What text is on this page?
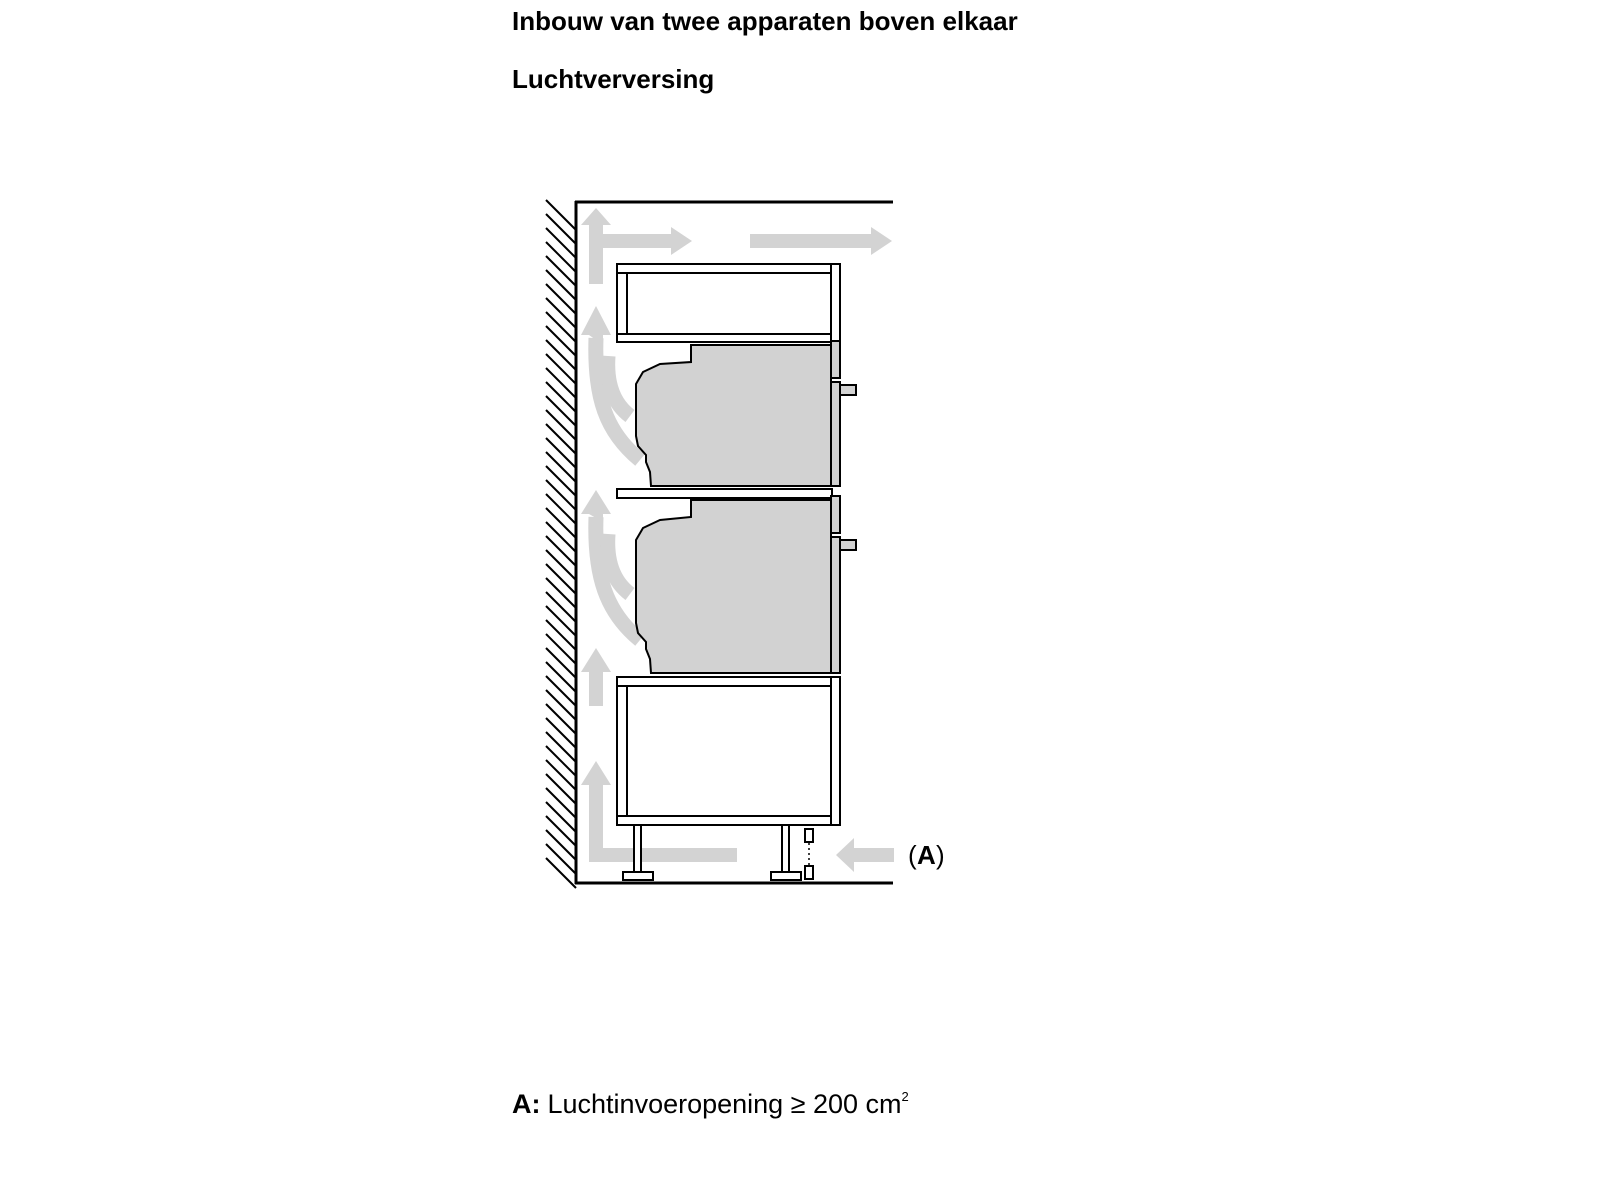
Inbouw van twee apparaten boven elkaar
Luchtverversing
( A )
A: Luchtinvoeropening ≥ 200 $cm^2$
